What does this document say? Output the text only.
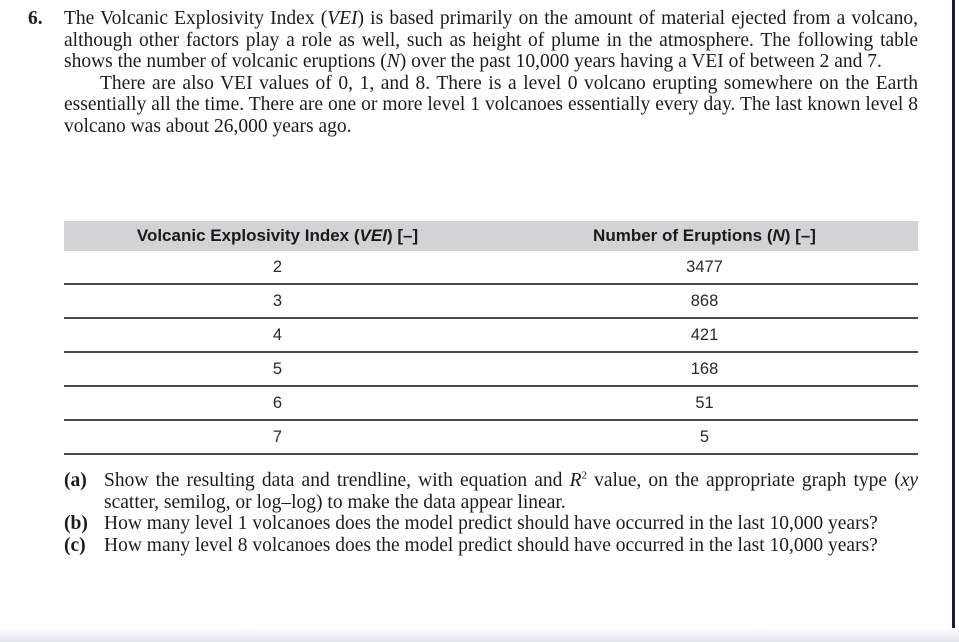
6. The Volcanic Explosivity Index (VEI) is based primarily on the amount of material ejected from a volcano, although other factors play a role as well, such as height of plume in the atmosphere. The following table shows the number of volcanic eruptions (N) over the past 10,000 years having a VEI of between 2 and 7.

There are also VEI values of 0, 1, and 8. There is a level 0 volcano erupting somewhere on the Earth essentially all the time. There are one or more level 1 volcanoes essentially every day. The last known level 8 volcano was about 26,000 years ago.

Volcanic Explosivity Index (VEI) [–]	Number of Eruptions (N) [–]
2	3477
3	868
4	421
5	168
6	51
7	5

(a) Show the resulting data and trendline, with equation and $R^2$ value, on the appropriate graph type (xy scatter, semilog, or log–log) to make the data appear linear.

(b) How many level 1 volcanoes does the model predict should have occurred in the last 10,000 years?

(c) How many level 8 volcanoes does the model predict should have occurred in the last 10,000 years?
